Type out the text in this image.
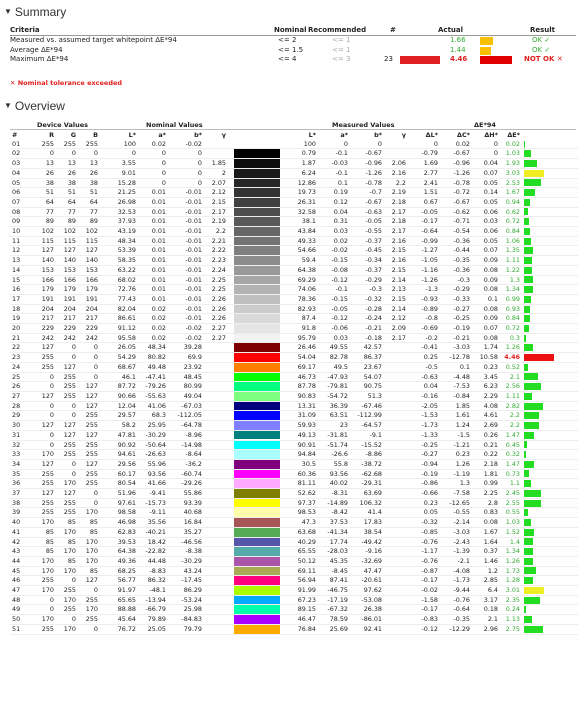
▼ Summary
Criteria	Nominal Recommended	#	Actual	Result
Measured vs. assumed target whitepoint ΔE*94	<= 2	<= 1	1.66	OK ✓
Average ΔE*94	<= 1.5	<= 1	1.44	OK ✓
Maximum ΔE*94	<= 4	<= 3	23	4.46	NOT OK ✕
✕ Nominal tolerance exceeded
▼ Overview
Device Values	Nominal Values	Measured Values	ΔE*94
#	R	G	B	L*	a*	b*	γ		L*	a*	b*	γ	ΔL*	ΔC*	ΔH*	ΔE*	
01	255	255	255	100	0.02	-0.02			100	0	0		0	0.02	0	0.02	

02	0	0	0	0	0	0			0.79	-0.1	-0.67		-0.79	-0.67	0	1.03	

03	13	13	13	3.55	0	0	1.85		1.87	-0.03	-0.96	2.06	1.69	-0.96	0.04	1.93	

04	26	26	26	9.01	0	0	2		6.24	-0.1	-1.26	2.16	2.77	-1.26	0.07	3.03	

05	38	38	38	15.28	0	0	2.07		12.86	0.1	-0.78	2.2	2.41	-0.78	0.05	2.53	

06	51	51	51	21.25	0.01	-0.01	2.12		19.73	0.19	-0.7	2.19	1.51	-0.72	0.14	1.67	

07	64	64	64	26.98	0.01	-0.01	2.15		26.31	0.12	-0.67	2.18	0.67	-0.67	0.05	0.94	

08	77	77	77	32.53	0.01	-0.01	2.17		32.58	0.04	-0.63	2.17	-0.05	-0.62	0.06	0.62	

09	89	89	89	37.93	0.01	-0.01	2.19		38.1	0.31	-0.05	2.18	-0.17	-0.71	0.03	0.72	

10	102	102	102	43.19	0.01	-0.01	2.2		43.84	0.03	-0.55	2.17	-0.64	-0.54	0.06	0.84	

11	115	115	115	48.34	0.01	-0.01	2.21		49.33	0.02	-0.37	2.16	-0.99	-0.36	0.05	1.06	

12	127	127	127	53.39	0.01	-0.01	2.22		54.66	-0.02	-0.45	2.15	-1.27	-0.44	0.07	1.35	

13	140	140	140	58.35	0.01	-0.01	2.23		59.4	-0.15	-0.34	2.16	-1.05	-0.35	0.09	1.11	

14	153	153	153	63.22	0.01	-0.01	2.24		64.38	-0.08	-0.37	2.15	-1.16	-0.36	0.08	1.22	

15	166	166	166	68.02	0.01	-0.01	2.25		69.29	-0.12	-0.29	2.14	-1.26	-0.3	0.09	1.3	

16	179	179	179	72.76	0.01	-0.01	2.25		74.06	-0.1	-0.3	2.13	-1.3	-0.29	0.08	1.34	

17	191	191	191	77.43	0.01	-0.01	2.26		78.36	-0.15	-0.32	2.15	-0.93	-0.33	0.1	0.99	

18	204	204	204	82.04	0.02	-0.01	2.26		82.93	-0.05	-0.28	2.14	-0.89	-0.27	0.08	0.93	

19	217	217	217	86.61	0.02	-0.01	2.26		87.4	-0.12	-0.24	2.12	-0.8	-0.25	0.09	0.84	

20	229	229	229	91.12	0.02	-0.02	2.27		91.8	-0.06	-0.21	2.09	-0.69	-0.19	0.07	0.72	

21	242	242	242	95.58	0.02	-0.02	2.27		95.79	0.03	-0.18	2.17	-0.2	-0.21	0.08	0.3	

22	127	0	0	26.05	48.34	39.28			26.46	49.55	42.57		-0.41	-3.03	1.74	1.26	

23	255	0	0	54.29	80.82	69.9			54.04	82.78	86.37		0.25	-12.78	10.58	4.46	

24	255	127	0	68.67	49.48	23.92			69.17	49.5	23.67		-0.5	0.1	0.23	0.52	

25	0	255	0	46.1	-47.41	48.45			46.73	-47.93	54.07		-0.63	-4.48	3.45	2.1	

26	0	255	127	87.72	-79.26	80.99			87.78	-79.81	90.75		0.04	-7.53	6.23	2.56	

27	127	255	127	90.66	-55.63	49.04			90.83	-54.72	51.3		-0.16	-0.84	2.29	1.11	

28	0	0	127	12.04	41.06	-67.03			13.31	36.39	-67.46		-2.05	1.85	4.08	2.82	

29	0	0	255	29.57	68.3	-112.05			31.09	63.51	-112.99		-1.53	1.61	4.61	2.2	

30	127	127	255	58.2	25.95	-64.78			59.93	23	-64.57		-1.73	1.24	2.69	2.2	

31	0	127	127	47.81	-30.29	-8.96			49.13	-31.81	-9.1		-1.33	-1.5	0.26	1.47	

32	0	255	255	90.92	-50.64	-14.98			90.91	-51.74	-15.52		-0.25	-1.21	0.21	0.45	

33	170	255	255	94.61	-26.63	-8.64			94.84	-26.6	-8.86		-0.27	0.23	0.22	0.32	

34	127	0	127	29.56	55.96	-36.2			30.5	55.8	-38.72		-0.94	1.26	2.18	1.47	

35	255	0	255	60.17	93.56	-60.74			60.36	93.56	-62.68		-0.19	-1.19	1.81	0.73	

36	255	170	255	80.54	41.66	-29.26			81.11	40.02	-29.31		-0.86	1.3	0.99	1.1	

37	127	127	0	51.96	-9.41	55.86			52.62	-8.31	63.69		-0.66	-7.58	2.25	2.45	

38	255	255	0	97.61	-15.73	93.39			97.37	-14.89	106.32		0.23	-12.65	2.8	2.55	

39	255	255	170	98.58	-9.11	40.68			98.53	-8.42	41.4		0.05	-0.55	0.83	0.55	

40	170	85	85	46.98	35.56	16.84			47.3	37.53	17.83		-0.32	-2.14	0.08	1.03	

41	85	170	85	62.83	-40.21	35.27			63.68	-41.34	38.54		-0.85	-3.03	1.67	1.52	

42	85	85	170	39.53	18.42	-46.56			40.29	17.74	-49.42		-0.76	-2.43	1.64	1.4	

43	85	170	170	64.38	-22.82	-8.38			65.55	-28.03	-9.16		-1.17	-1.39	0.37	1.34	

44	170	85	170	49.36	44.48	-30.29			50.12	45.35	-32.69		-0.76	-2.1	1.46	1.26	

45	170	170	85	68.25	-8.83	43.24			69.11	-8.45	47.47		-0.87	-4.08	1.2	1.73	

46	255	0	127	56.77	86.32	-17.45			56.94	87.41	-20.61		-0.17	-1.73	2.85	1.28	

47	170	255	0	91.97	-48.1	86.29			91.99	-46.75	97.62		-0.02	-9.44	6.4	3.01	

48	0	170	255	65.65	-13.94	-53.24			67.23	-17.19	-53.08		-1.58	-0.76	3.17	2.35	

49	0	255	170	88.88	-66.79	25.98			89.15	-67.32	26.38		-0.17	-0.64	0.18	0.24	

50	170	0	255	45.64	79.89	-84.83			46.47	78.59	-86.01		-0.83	-0.35	2.1	1.13	

51	255	170	0	76.72	25.05	79.79			76.84	25.69	92.41		-0.12	-12.29	2.96	2.75	
